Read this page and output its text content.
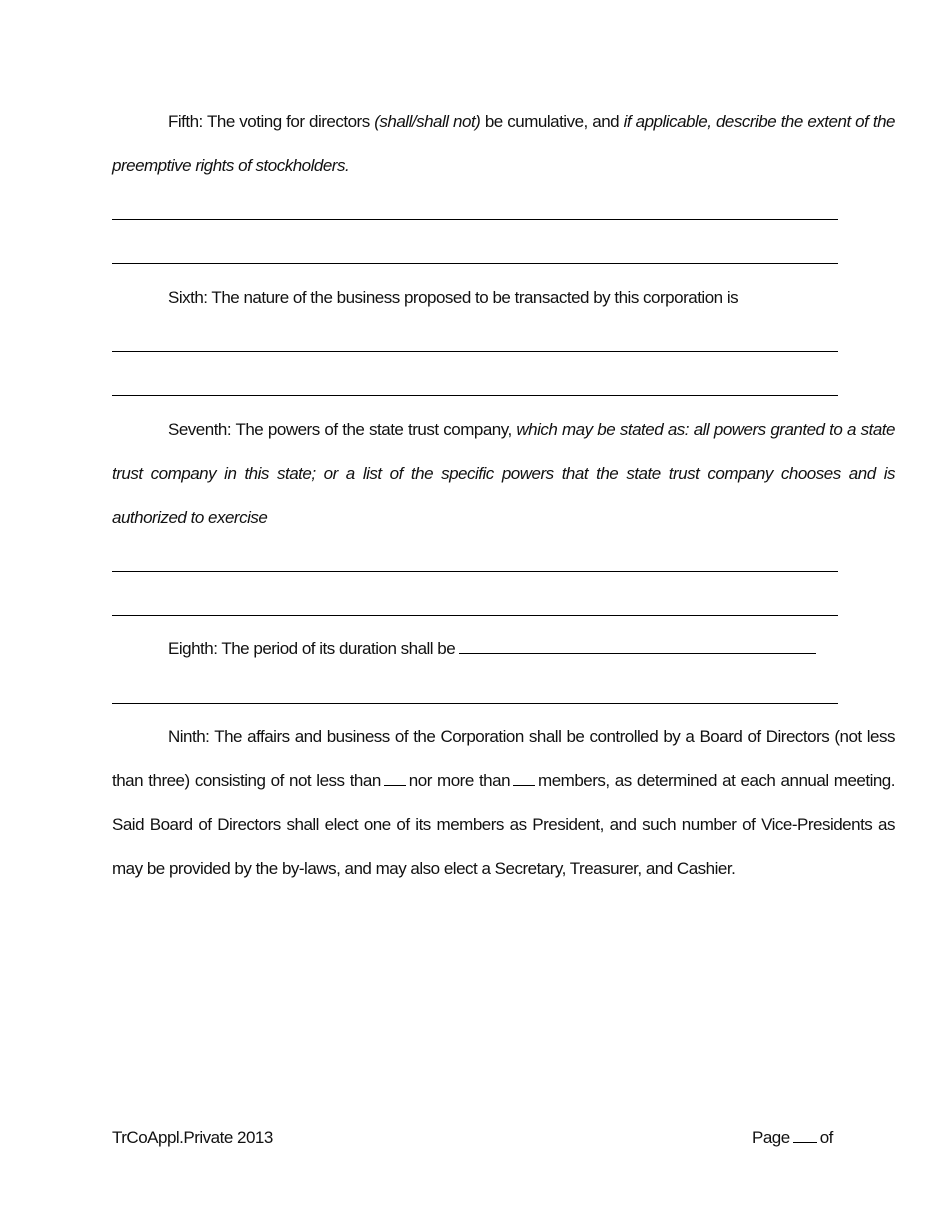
Fifth: The voting for directors (shall/shall not) be cumulative, and if applicable, describe the extent of the preemptive rights of stockholders.

Sixth: The nature of the business proposed to be transacted by this corporation is

Seventh: The powers of the state trust company, which may be stated as: all powers granted to a state trust company in this state; or a list of the specific powers that the state trust company chooses and is authorized to exercise

Eighth: The period of its duration shall be

Ninth: The affairs and business of the Corporation shall be controlled by a Board of Directors (not less than three) consisting of not less than nor more than members, as determined at each annual meeting. Said Board of Directors shall elect one of its members as President, and such number of Vice-Presidents as may be provided by the by-laws, and may also elect a Secretary, Treasurer, and Cashier.

TrCoAppl.Private 2013	Page of
